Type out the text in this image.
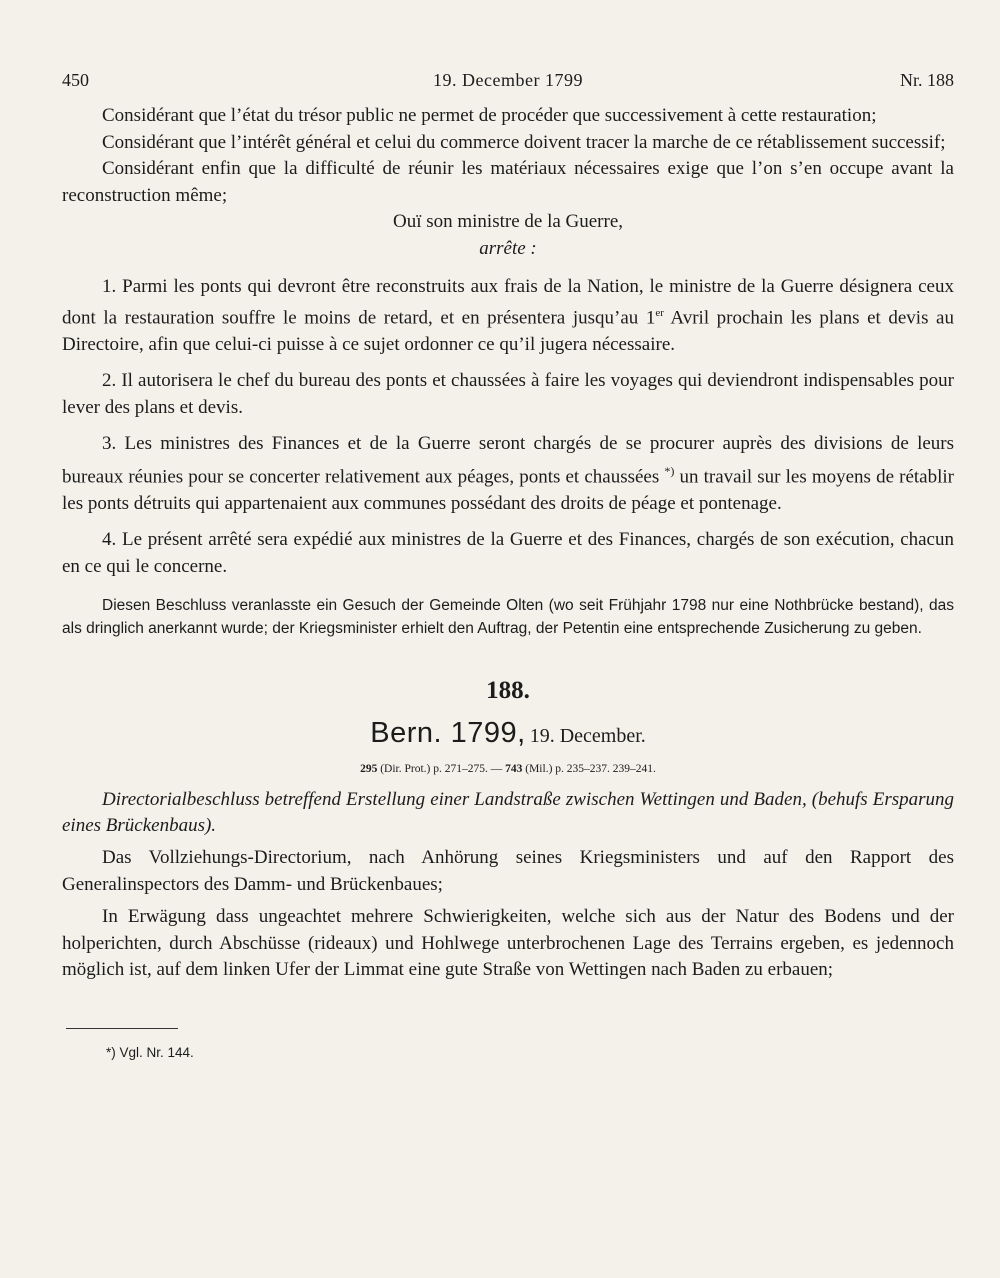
450	19. December 1799	Nr. 188

Considérant que l’état du trésor public ne permet de procéder que successivement à cette restauration;

Considérant que l’intérêt général et celui du commerce doivent tracer la marche de ce rétablissement successif;

Considérant enfin que la difficulté de réunir les matériaux nécessaires exige que l’on s’en occupe avant la reconstruction même;

Ouï son ministre de la Guerre,

arrête :

1. Parmi les ponts qui devront être reconstruits aux frais de la Nation, le ministre de la Guerre désignera ceux dont la restauration souffre le moins de retard, et en présentera jusqu’au 1er Avril prochain les plans et devis au Directoire, afin que celui-ci puisse à ce sujet ordonner ce qu’il jugera nécessaire.

2. Il autorisera le chef du bureau des ponts et chaussées à faire les voyages qui deviendront indispensables pour lever des plans et devis.

3. Les ministres des Finances et de la Guerre seront chargés de se procurer auprès des divisions de leurs bureaux réunies pour se concerter relativement aux péages, ponts et chaussées *) un travail sur les moyens de rétablir les ponts détruits qui appartenaient aux communes possédant des droits de péage et pontenage.

4. Le présent arrêté sera expédié aux ministres de la Guerre et des Finances, chargés de son exécution, chacun en ce qui le concerne.

Diesen Beschluss veranlasste ein Gesuch der Gemeinde Olten (wo seit Frühjahr 1798 nur eine Nothbrücke bestand), das als dringlich anerkannt wurde; der Kriegsminister erhielt den Auftrag, der Petentin eine entsprechende Zusicherung zu geben.
188.
Bern. 1799, 19. December.
295 (Dir. Prot.) p. 271–275. — 743 (Mil.) p. 235–237. 239–241.
Directorialbeschluss betreffend Erstellung einer Landstraße zwischen Wettingen und Baden, (behufs Ersparung eines Brückenbaus).

Das Vollziehungs-Directorium, nach Anhörung seines Kriegsministers und auf den Rapport des Generalinspectors des Damm- und Brückenbaues;

In Erwägung dass ungeachtet mehrere Schwierigkeiten, welche sich aus der Natur des Bodens und der holperichten, durch Abschüsse (rideaux) und Hohlwege unterbrochenen Lage des Terrains ergeben, es jedennoch möglich ist, auf dem linken Ufer der Limmat eine gute Straße von Wettingen nach Baden zu erbauen;

*) Vgl. Nr. 144.
